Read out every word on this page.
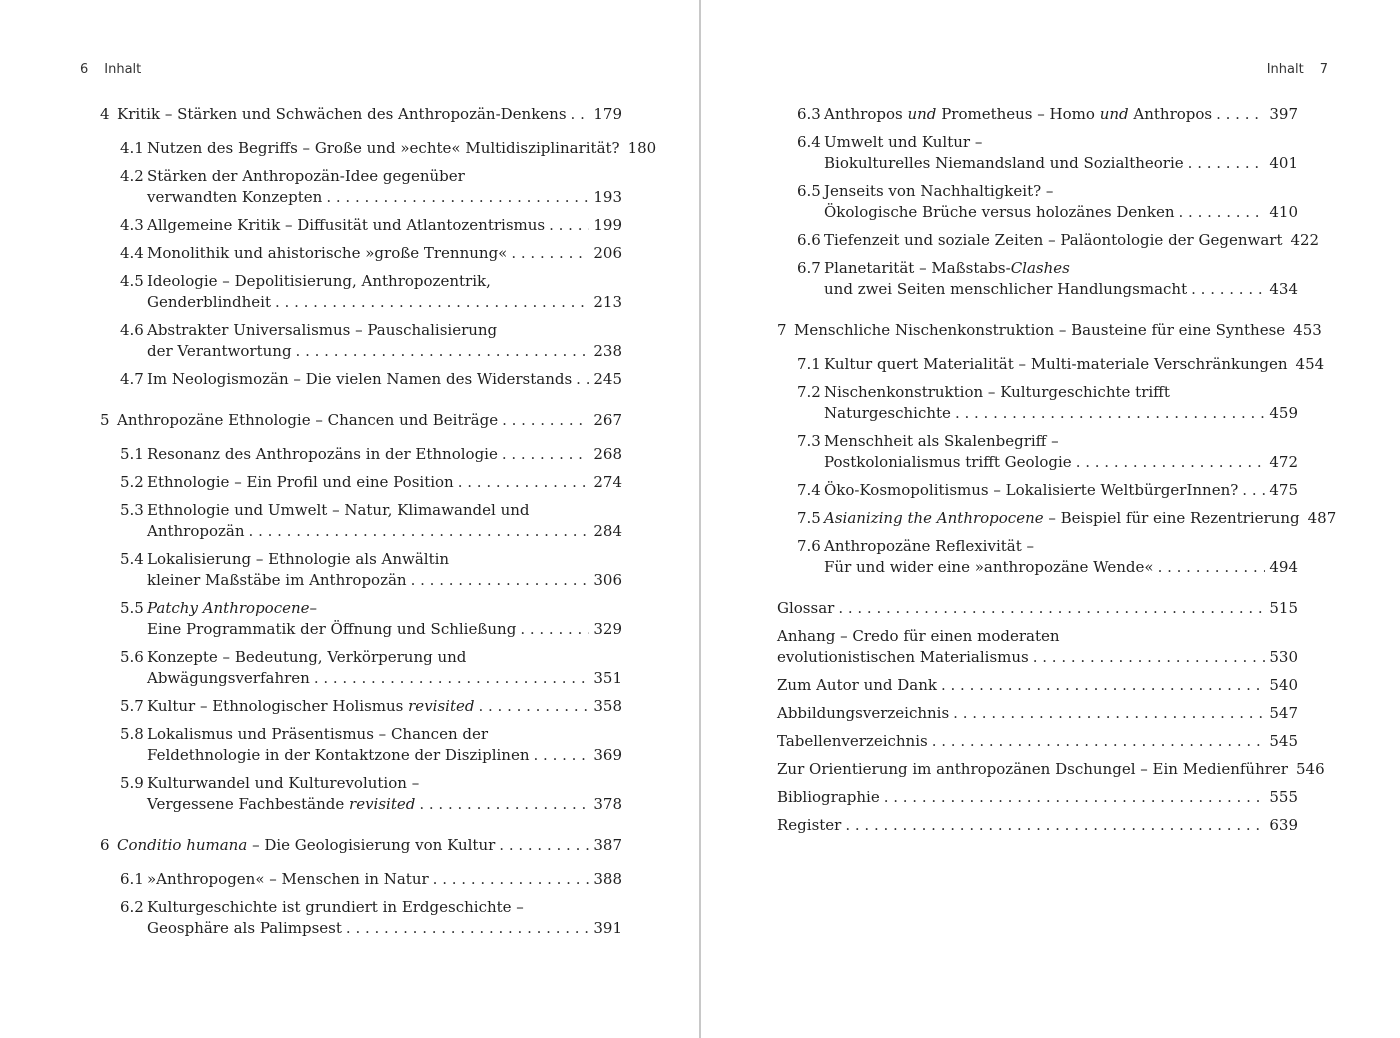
6 Inhalt
4 Kritik – Stärken und Schwächen des Anthropozän-Denkens . . . 179
4.1 Nutzen des Begriffs – Große und »echte« Multidisziplinarität? 180
4.2 Stärken der Anthropozän-Idee gegenüber
verwandten Konzepten . . .	193
4.3 Allgemeine Kritik – Diffusität und Atlantozentrismus . . .	199
4.4 Monolithik und ahistorische »große Trennung« . . .	206
4.5 Ideologie – Depolitisierung, Anthropozentrik,
Genderblindheit . . .	213
4.6 Abstrakter Universalismus – Pauschalisierung
der Verantwortung . . .	238
4.7 Im Neologismozän – Die vielen Namen des Widerstands . . . 245
5 Anthropozäne Ethnologie – Chancen und Beiträge . . .	267
5.1 Resonanz des Anthropozäns in der Ethnologie . . .	268
5.2 Ethnologie – Ein Profil und eine Position . . .	274
5.3 Ethnologie und Umwelt – Natur, Klimawandel und
Anthropozän . . .	284
5.4 Lokalisierung – Ethnologie als Anwältin
kleiner Maßstäbe im Anthropozän . . .	306
5.5 Patchy Anthropocene –
Eine Programmatik der Öffnung und Schließung . . .	329
5.6 Konzepte – Bedeutung, Verkörperung und
Abwägungsverfahren . . .	351
5.7 Kultur – Ethnologischer Holismus revisited . . .	358
5.8 Lokalismus und Präsentismus – Chancen der
Feldethnologie in der Kontaktzone der Disziplinen . . .	369
5.9 Kulturwandel und Kulturevolution –
Vergessene Fachbestände revisited . . .	378
6 Conditio humana – Die Geologisierung von Kultur . . .	387
6.1 »Anthropogen« – Menschen in Natur . . .	388
6.2 Kulturgeschichte ist grundiert in Erdgeschichte –
Geosphäre als Palimpsest . . .	391
Inhalt 7
6.3 Anthropos und Prometheus – Homo und Anthropos . . .	397
6.4 Umwelt und Kultur –
Biokulturelles Niemandsland und Sozialtheorie . . .	401
6.5 Jenseits von Nachhaltigkeit? –
Ökologische Brüche versus holozänes Denken . . .	410
6.6 Tiefenzeit und soziale Zeiten – Paläontologie der Gegenwart 422
6.7 Planetarität – Maßstabs- Clashes
und zwei Seiten menschlicher Handlungsmacht . . .	434
7 Menschliche Nischenkonstruktion – Bausteine für eine Synthese 453
7.1 Kultur quert Materialität – Multi-materiale Verschränkungen 454
7.2 Nischenkonstruktion – Kulturgeschichte trifft
Naturgeschichte . . .	459
7.3 Menschheit als Skalenbegriff –
Postkolonialismus trifft Geologie . . .	472
7.4 Öko-Kosmopolitismus – Lokalisierte WeltbürgerInnen? . . . 475
7.5 Asianizing the Anthropocene – Beispiel für eine Rezentrierung 487
7.6 Anthropozäne Reflexivität –
Für und wider eine »anthropozäne Wende« . . .	494
Glossar . . .	515
Anhang – Credo für einen moderaten
evolutionistischen Materialismus . . .	530
Zum Autor und Dank . . .	540
Abbildungsverzeichnis . . .	547
Tabellenverzeichnis . . .	545
Zur Orientierung im anthropozänen Dschungel – Ein Medienführer 546
Bibliographie . . .	555
Register . . .	639
